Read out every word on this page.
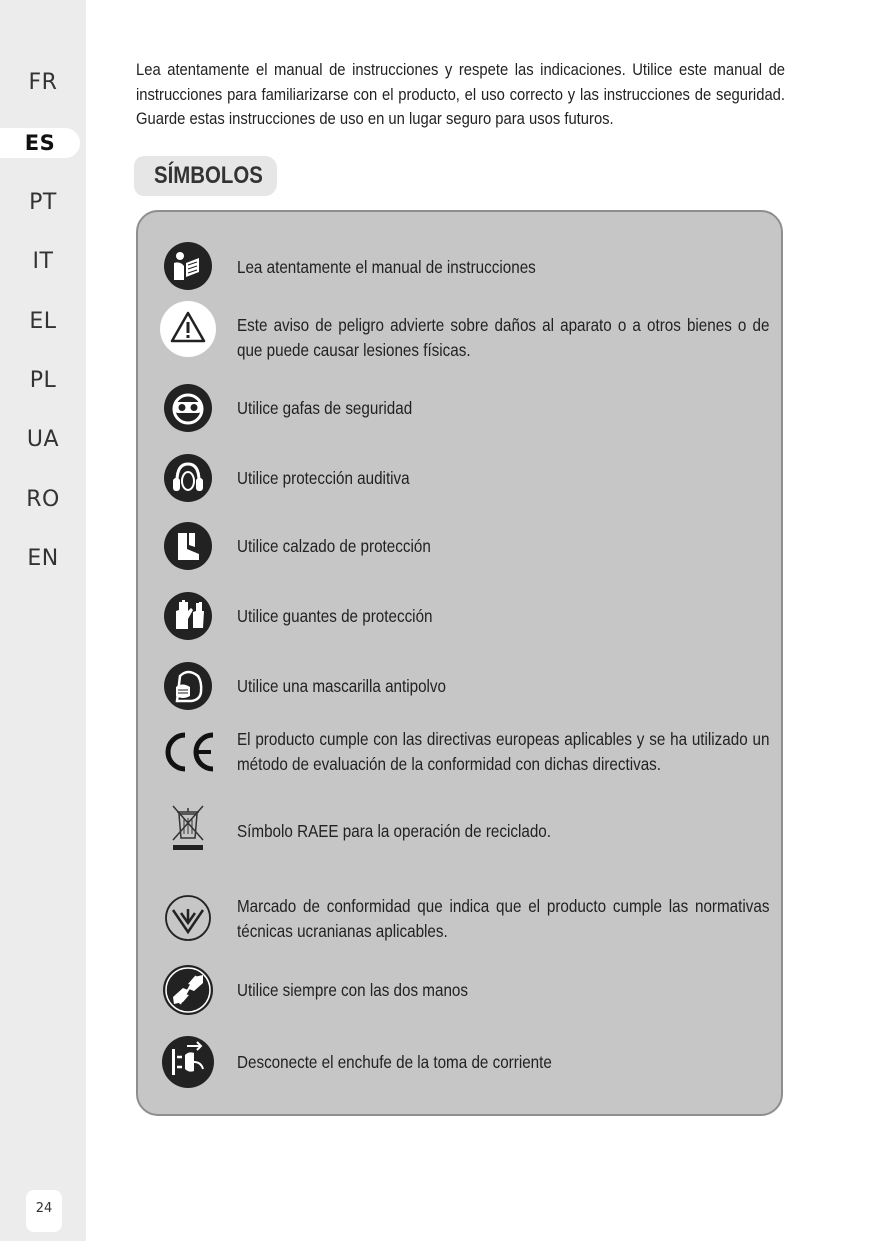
FR
ES
PT
IT
EL
PL
UA
RO
EN
24
Lea atentamente el manual de instrucciones y respete las indicaciones. Utilice este manual de instrucciones para familiarizarse con el producto, el uso correcto y las instrucciones de seguridad. Guarde estas instrucciones de uso en un lugar seguro para usos futuros.
SÍMBOLOS
Lea atentamente el manual de instrucciones
Este aviso de peligro advierte sobre daños al aparato o a otros bienes o de que puede causar lesiones físicas.
Utilice gafas de seguridad
Utilice protección auditiva
Utilice calzado de protección
Utilice guantes de protección
Utilice una mascarilla antipolvo
El producto cumple con las directivas europeas aplicables y se ha utilizado un método de evaluación de la conformidad con dichas directivas.
Símbolo RAEE para la operación de reciclado.
Marcado de conformidad que indica que el producto cumple las normativas técnicas ucranianas aplicables.
Utilice siempre con las dos manos
Desconecte el enchufe de la toma de corriente
